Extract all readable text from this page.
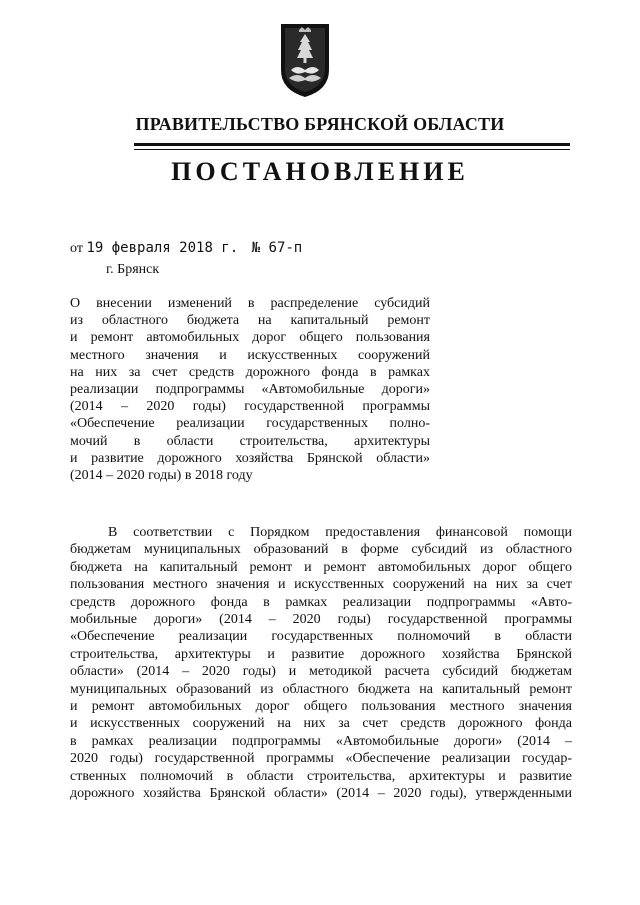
ПРАВИТЕЛЬСТВО БРЯНСКОЙ ОБЛАСТИ
ПОСТАНОВЛЕНИЕ
от 19 февраля 2018 г. № 67-п
г. Брянск
О внесении изменений в распределение субсидий
из областного бюджета на капитальный ремонт
и ремонт автомобильных дорог общего пользования
местного значения и искусственных сооружений
на них за счет средств дорожного фонда в рамках
реализации подпрограммы «Автомобильные дороги»
(2014 – 2020 годы) государственной программы
«Обеспечение реализации государственных полно-
мочий в области строительства, архитектуры
и развитие дорожного хозяйства Брянской области»
(2014 – 2020 годы) в 2018 году
В соответствии с Порядком предоставления финансовой помощи
бюджетам муниципальных образований в форме субсидий из областного
бюджета на капитальный ремонт и ремонт автомобильных дорог общего
пользования местного значения и искусственных сооружений на них за счет
средств дорожного фонда в рамках реализации подпрограммы «Авто-
мобильные дороги» (2014 – 2020 годы) государственной программы
«Обеспечение реализации государственных полномочий в области
строительства, архитектуры и развитие дорожного хозяйства Брянской
области» (2014 – 2020 годы) и методикой расчета субсидий бюджетам
муниципальных образований из областного бюджета на капитальный ремонт
и ремонт автомобильных дорог общего пользования местного значения
и искусственных сооружений на них за счет средств дорожного фонда
в рамках реализации подпрограммы «Автомобильные дороги» (2014 –
2020 годы) государственной программы «Обеспечение реализации государ-
ственных полномочий в области строительства, архитектуры и развитие
дорожного хозяйства Брянской области» (2014 – 2020 годы), утвержденными
